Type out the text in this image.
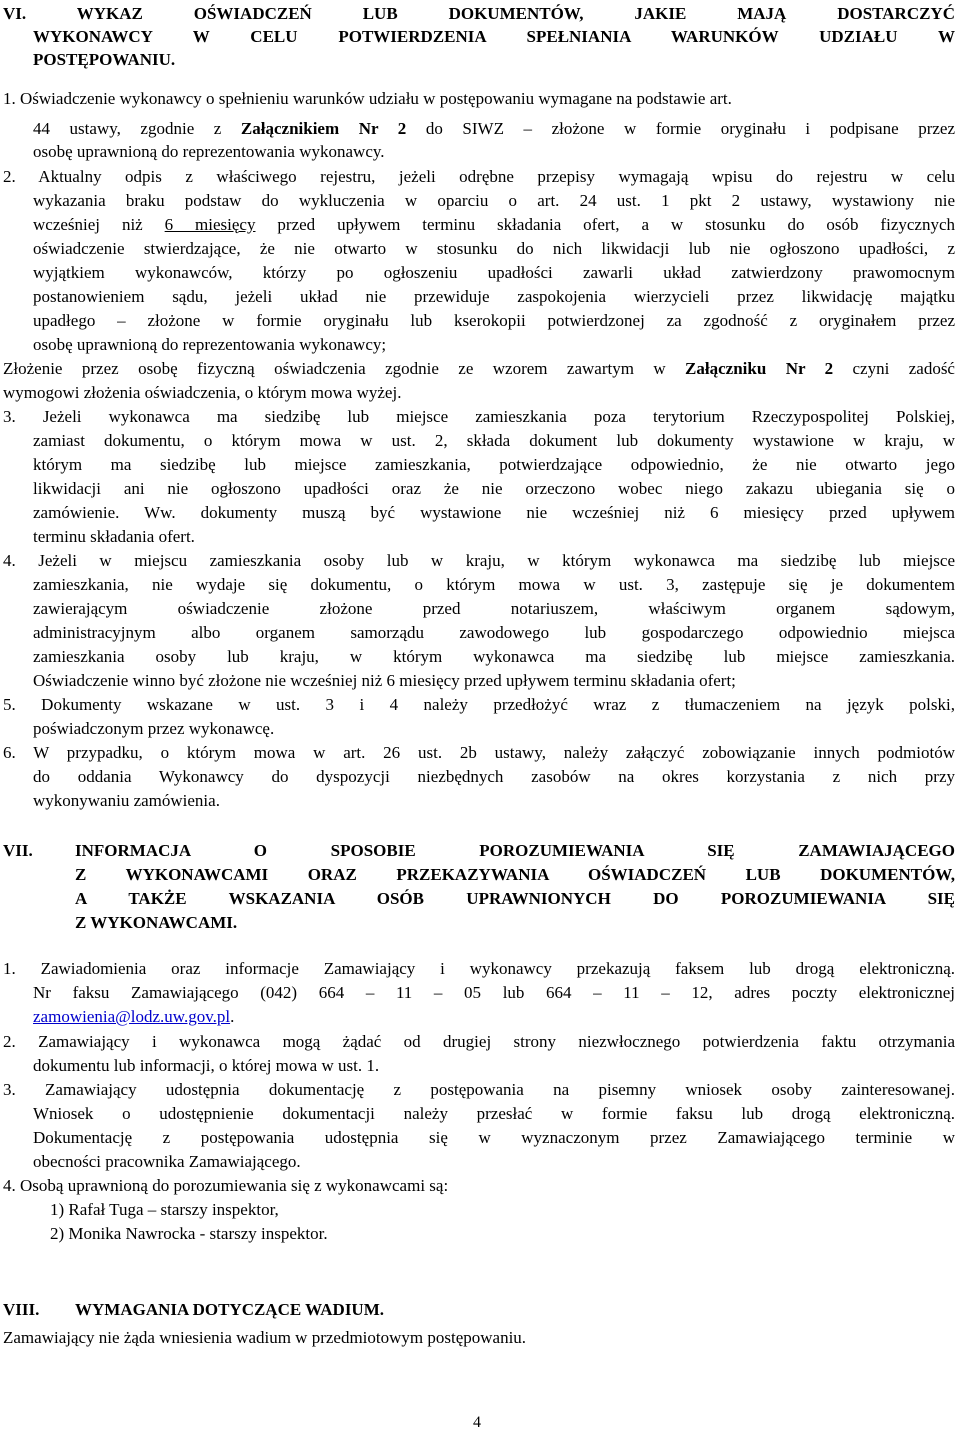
VI. WYKAZ OŚWIADCZEŃ LUB DOKUMENTÓW, JAKIE MAJĄ DOSTARCZYĆ
WYKONAWCY W CELU POTWIERDZENIA SPEŁNIANIA WARUNKÓW UDZIAŁU W
POSTĘPOWANIU.
1. Oświadczenie wykonawcy o spełnieniu warunków udziału w postępowaniu wymagane na podstawie art.
44 ustawy, zgodnie z Załącznikiem Nr 2 do SIWZ – złożone w formie oryginału i podpisane przez
osobę uprawnioną do reprezentowania wykonawcy.
2. Aktualny odpis z właściwego rejestru, jeżeli odrębne przepisy wymagają wpisu do rejestru w celu
wykazania braku podstaw do wykluczenia w oparciu o art. 24 ust. 1 pkt 2 ustawy, wystawiony nie
wcześniej niż 6 miesięcy przed upływem terminu składania ofert, a w stosunku do osób fizycznych
oświadczenie stwierdzające, że nie otwarto w stosunku do nich likwidacji lub nie ogłoszono upadłości, z
wyjątkiem wykonawców, którzy po ogłoszeniu upadłości zawarli układ zatwierdzony prawomocnym
postanowieniem sądu, jeżeli układ nie przewiduje zaspokojenia wierzycieli przez likwidację majątku
upadłego – złożone w formie oryginału lub kserokopii potwierdzonej za zgodność z oryginałem przez
osobę uprawnioną do reprezentowania wykonawcy;
Złożenie przez osobę fizyczną oświadczenia zgodnie ze wzorem zawartym w Załączniku Nr 2 czyni zadość
wymogowi złożenia oświadczenia, o którym mowa wyżej.
3. Jeżeli wykonawca ma siedzibę lub miejsce zamieszkania poza terytorium Rzeczypospolitej Polskiej,
zamiast dokumentu, o którym mowa w ust. 2, składa dokument lub dokumenty wystawione w kraju, w
którym ma siedzibę lub miejsce zamieszkania, potwierdzające odpowiednio, że nie otwarto jego
likwidacji ani nie ogłoszono upadłości oraz że nie orzeczono wobec niego zakazu ubiegania się o
zamówienie. Ww. dokumenty muszą być wystawione nie wcześniej niż 6 miesięcy przed upływem
terminu składania ofert.
4. Jeżeli w miejscu zamieszkania osoby lub w kraju, w którym wykonawca ma siedzibę lub miejsce
zamieszkania, nie wydaje się dokumentu, o którym mowa w ust. 3, zastępuje się je dokumentem
zawierającym oświadczenie złożone przed notariuszem, właściwym organem sądowym,
administracyjnym albo organem samorządu zawodowego lub gospodarczego odpowiednio miejsca
zamieszkania osoby lub kraju, w którym wykonawca ma siedzibę lub miejsce zamieszkania.
Oświadczenie winno być złożone nie wcześniej niż 6 miesięcy przed upływem terminu składania ofert;
5. Dokumenty wskazane w ust. 3 i 4 należy przedłożyć wraz z tłumaczeniem na język polski,
poświadczonym przez wykonawcę.
6. W przypadku, o którym mowa w art. 26 ust. 2b ustawy, należy załączyć zobowiązanie innych podmiotów
do oddania Wykonawcy do dyspozycji niezbędnych zasobów na okres korzystania z nich przy
wykonywaniu zamówienia.
VII. INFORMACJA O SPOSOBIE POROZUMIEWANIA SIĘ ZAMAWIAJĄCEGO
Z WYKONAWCAMI ORAZ PRZEKAZYWANIA OŚWIADCZEŃ LUB DOKUMENTÓW,
A TAKŻE WSKAZANIA OSÓB UPRAWNIONYCH DO POROZUMIEWANIA SIĘ
Z WYKONAWCAMI.
1. Zawiadomienia oraz informacje Zamawiający i wykonawcy przekazują faksem lub drogą elektroniczną.
Nr faksu Zamawiającego (042) 664 – 11 – 05 lub 664 – 11 – 12, adres poczty elektronicznej
zamowienia@lodz.uw.gov.pl.
2. Zamawiający i wykonawca mogą żądać od drugiej strony niezwłocznego potwierdzenia faktu otrzymania
dokumentu lub informacji, o której mowa w ust. 1.
3. Zamawiający udostępnia dokumentację z postępowania na pisemny wniosek osoby zainteresowanej.
Wniosek o udostępnienie dokumentacji należy przesłać w formie faksu lub drogą elektroniczną.
Dokumentację z postępowania udostępnia się w wyznaczonym przez Zamawiającego terminie w
obecności pracownika Zamawiającego.
4. Osobą uprawnioną do porozumiewania się z wykonawcami są:
1) Rafał Tuga – starszy inspektor,
2) Monika Nawrocka - starszy inspektor.
VIII. WYMAGANIA DOTYCZĄCE WADIUM.
Zamawiający nie żąda wniesienia wadium w przedmiotowym postępowaniu.
4
